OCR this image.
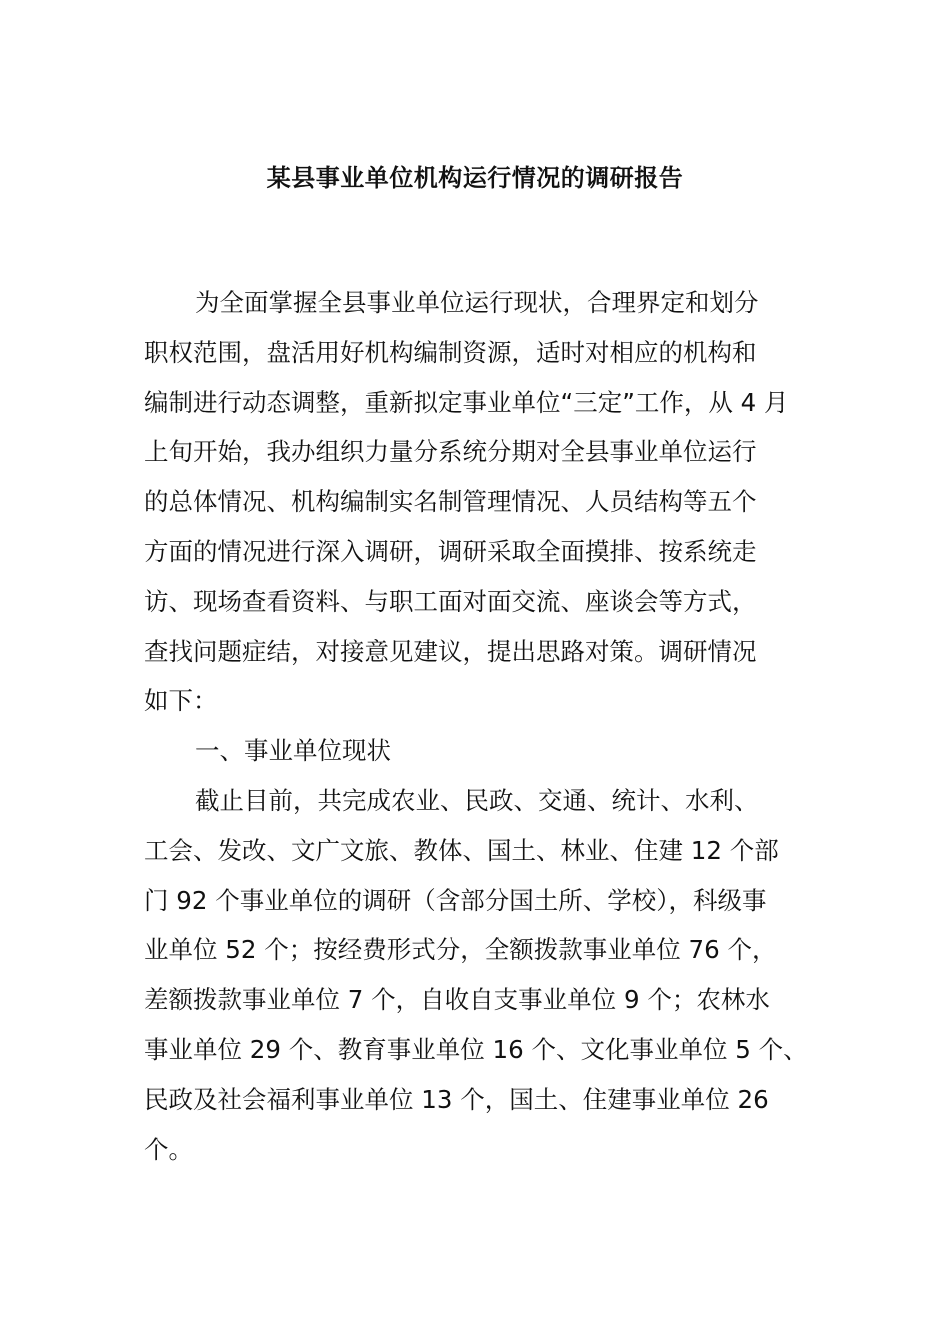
某县事业单位机构运行情况的调研报告
为全面掌握全县事业单位运行现状，合理界定和划分
职权范围，盘活用好机构编制资源，适时对相应的机构和
编制进行动态调整，重新拟定事业单位“三定”工作，从 4 月
上旬开始，我办组织力量分系统分期对全县事业单位运行
的总体情况、机构编制实名制管理情况、人员结构等五个
方面的情况进行深入调研，调研采取全面摸排、按系统走
访、现场查看资料、与职工面对面交流、座谈会等方式，
查找问题症结，对接意见建议，提出思路对策。调研情况
如下：
一、事业单位现状
截止目前，共完成农业、民政、交通、统计、水利、
工会、发改、文广文旅、教体、国土、林业、住建 12 个部
门 92 个事业单位的调研（含部分国土所、学校），科级事
业单位 52 个；按经费形式分，全额拨款事业单位 76 个，
差额拨款事业单位 7 个，自收自支事业单位 9 个；农林水
事业单位 29 个、教育事业单位 16 个、文化事业单位 5 个、
民政及社会福利事业单位 13 个，国土、住建事业单位 26
个。
